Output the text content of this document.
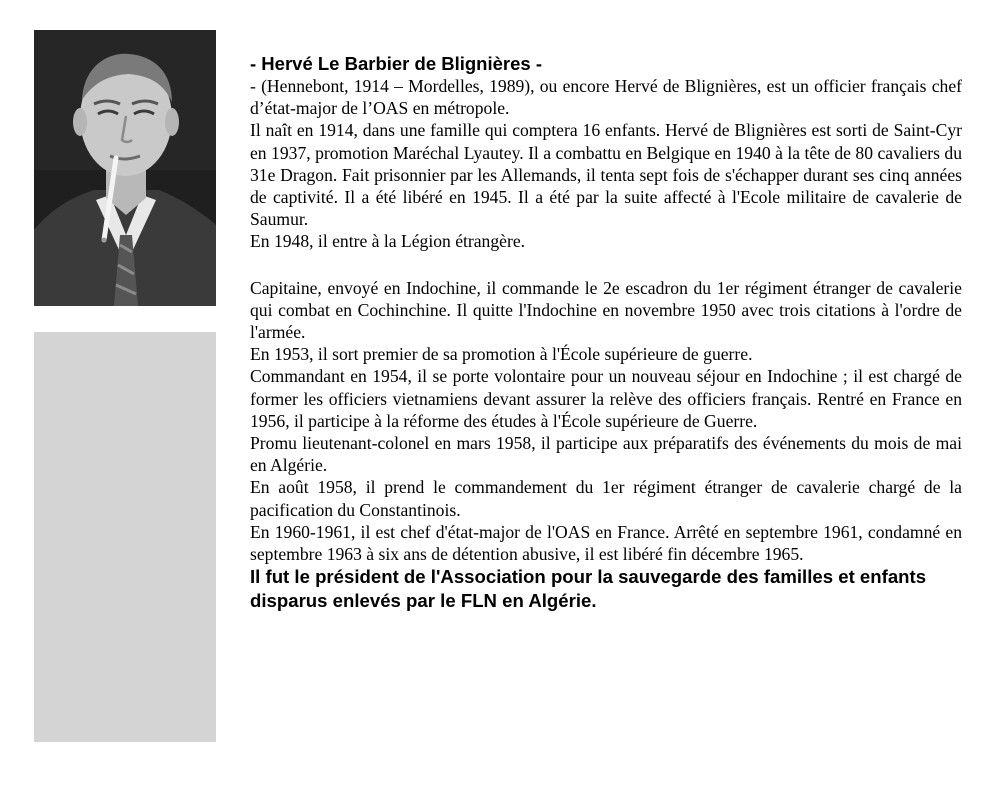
- Hervé Le Barbier de Blignières -

- (Hennebont, 1914 – Mordelles, 1989), ou encore Hervé de Blignières, est un officier français chef d’état-major de l’OAS en métropole.

Il naît en 1914, dans une famille qui comptera 16 enfants. Hervé de Blignières est sorti de Saint-Cyr en 1937, promotion Maréchal Lyautey. Il a combattu en Belgique en 1940 à la tête de 80 cavaliers du 31e Dragon. Fait prisonnier par les Allemands, il tenta sept fois de s'échapper durant ses cinq années de captivité. Il a été libéré en 1945. Il a été par la suite affecté à l'Ecole militaire de cavalerie de Saumur.

En 1948, il entre à la Légion étrangère.

Capitaine, envoyé en Indochine, il commande le 2e escadron du 1er régiment étranger de cavalerie qui combat en Cochinchine. Il quitte l'Indochine en novembre 1950 avec trois citations à l'ordre de l'armée.

En 1953, il sort premier de sa promotion à l'École supérieure de guerre.

Commandant en 1954, il se porte volontaire pour un nouveau séjour en Indochine ; il est chargé de former les officiers vietnamiens devant assurer la relève des officiers français. Rentré en France en 1956, il participe à la réforme des études à l'École supérieure de Guerre.

Promu lieutenant-colonel en mars 1958, il participe aux préparatifs des événements du mois de mai en Algérie.

En août 1958, il prend le commandement du 1er régiment étranger de cavalerie chargé de la pacification du Constantinois.

En 1960-1961, il est chef d'état-major de l'OAS en France. Arrêté en septembre 1961, condamné en septembre 1963 à six ans de détention abusive, il est libéré fin décembre 1965.

Il fut le président de l'Association pour la sauvegarde des familles et enfants disparus enlevés par le FLN en Algérie.
